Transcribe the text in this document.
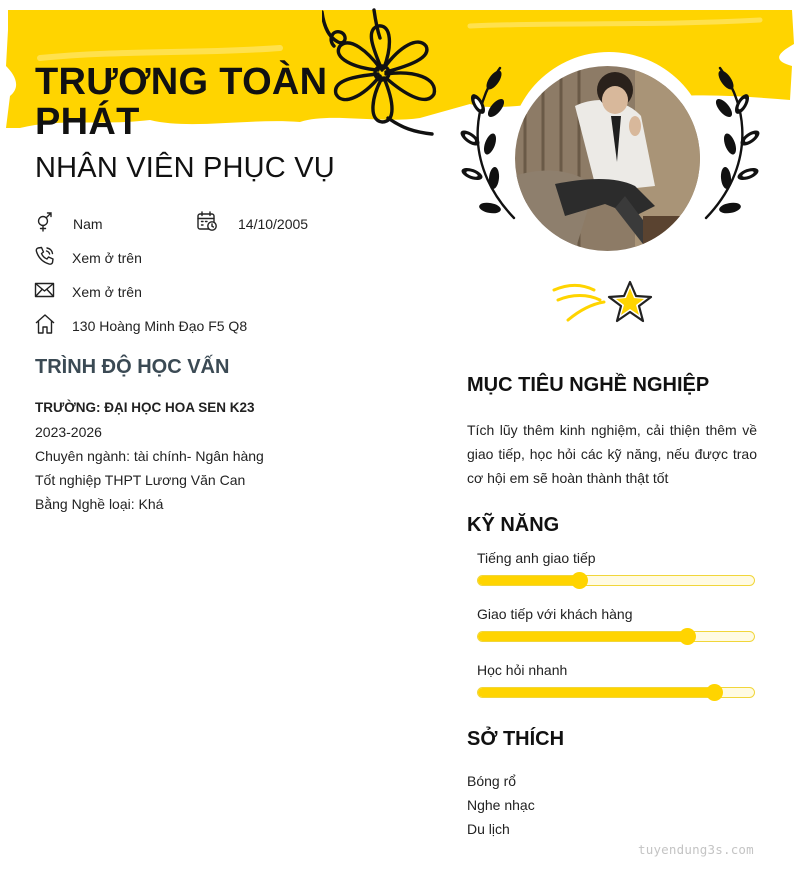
TRƯƠNG TOÀN PHÁT
NHÂN VIÊN PHỤC VỤ
Nam	14/10/2005
Xem ở trên
Xem ở trên
130 Hoàng Minh Đạo F5 Q8
TRÌNH ĐỘ HỌC VẤN
TRƯỜNG: ĐẠI HỌC HOA SEN K23
2023-2026
Chuyên ngành: tài chính- Ngân hàng
Tốt nghiệp THPT Lương Văn Can
Bằng Nghề loại: Khá
MỤC TIÊU NGHỀ NGHIỆP
Tích lũy thêm kinh nghiệm, cải thiện thêm về giao tiếp, học hỏi các kỹ năng, nếu được trao cơ hội em sẽ hoàn thành thật tốt
KỸ NĂNG
Tiếng anh giao tiếp
Giao tiếp với khách hàng
Học hỏi nhanh
SỞ THÍCH
Bóng rổ
Nghe nhạc
Du lịch
tuyendung3s.com
